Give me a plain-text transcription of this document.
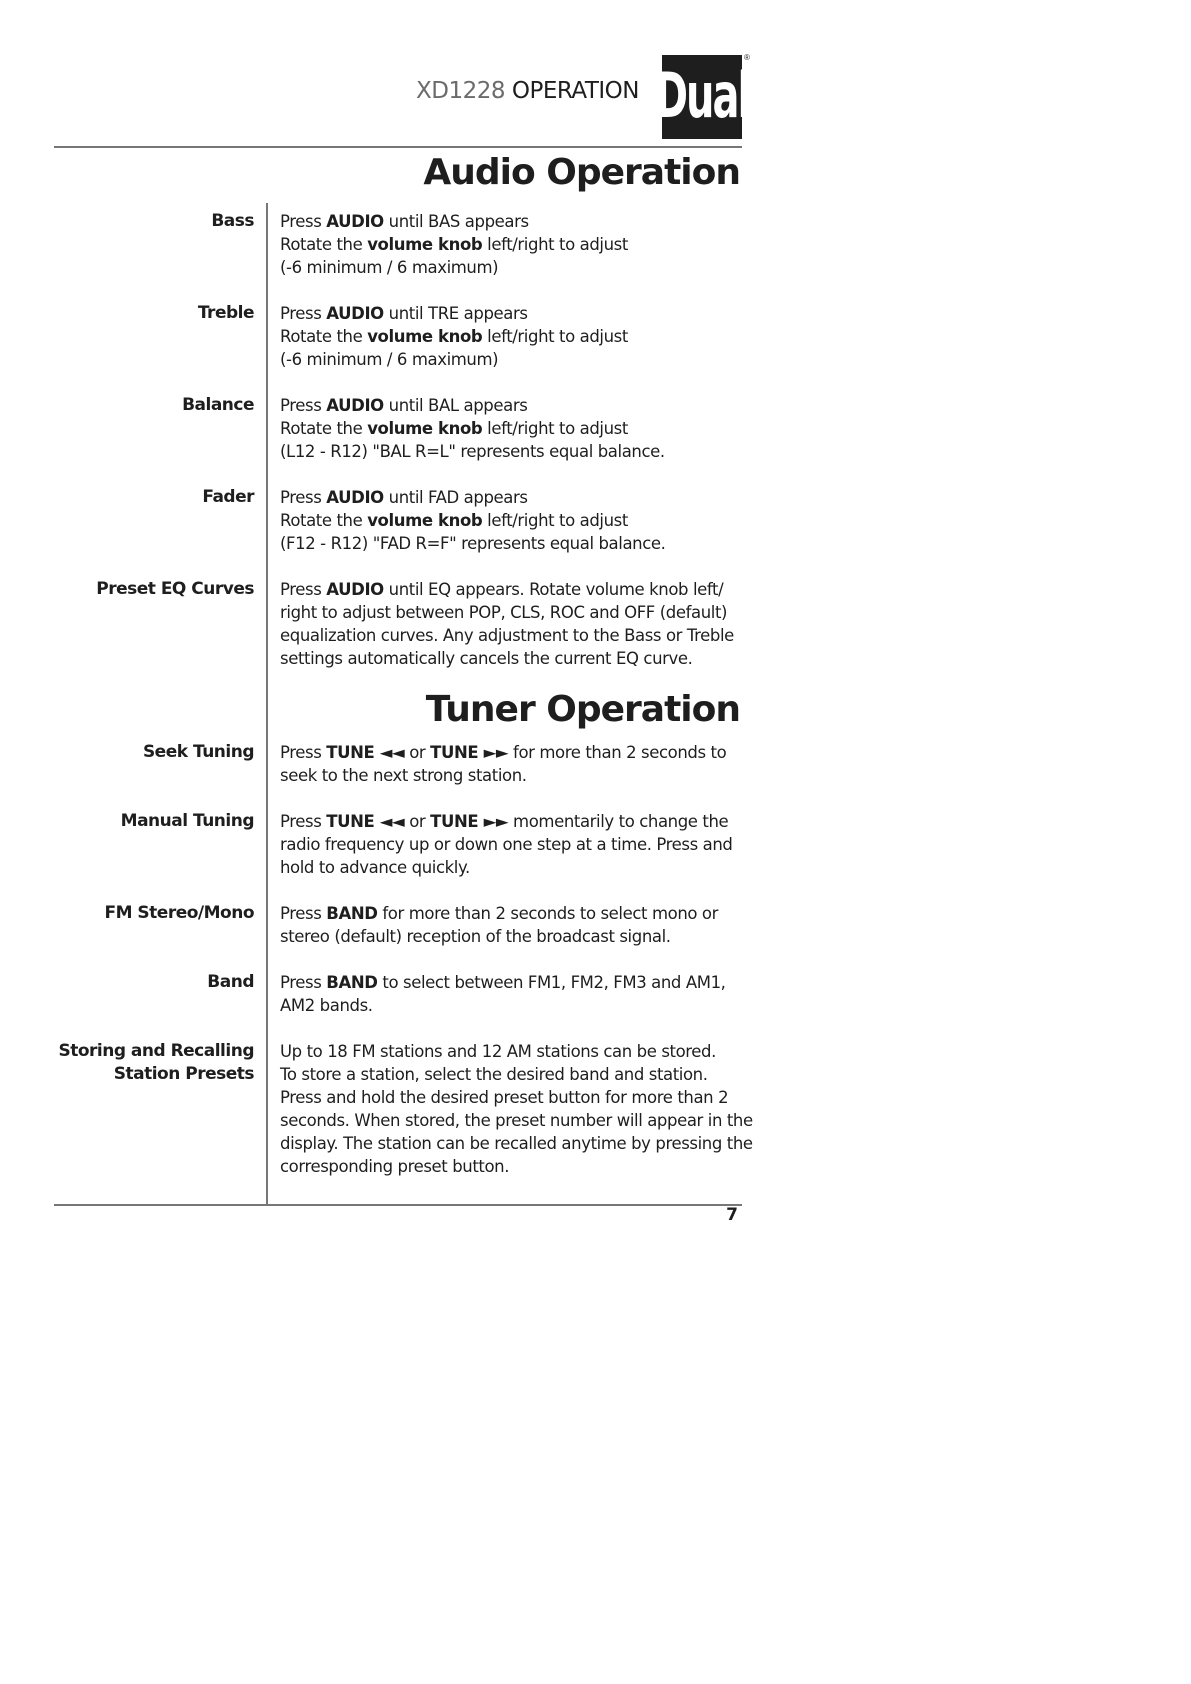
XD1228 OPERATION Dual
®
Audio Operation
Bass Press AUDIO until BAS appears
Rotate the volume knob left/right to adjust
(-6 minimum / 6 maximum)
Treble Press AUDIO until TRE appears
Rotate the volume knob left/right to adjust
(-6 minimum / 6 maximum)
Balance Press AUDIO until BAL appears
Rotate the volume knob left/right to adjust
(L12 - R12) "BAL R=L" represents equal balance.
Fader Press AUDIO until FAD appears
Rotate the volume knob left/right to adjust
(F12 - R12) "FAD R=F" represents equal balance.
Preset EQ Curves Press AUDIO until EQ appears. Rotate volume knob left/
right to adjust between POP, CLS, ROC and OFF (default)
equalization curves. Any adjustment to the Bass or Treble
settings automatically cancels the current EQ curve.
Tuner Operation
Seek Tuning Press TUNE ◄◄ or TUNE ►► for more than 2 seconds to
seek to the next strong station.
Manual Tuning Press TUNE ◄◄ or TUNE ►► momentarily to change the
radio frequency up or down one step at a time. Press and
hold to advance quickly.
FM Stereo/Mono Press BAND for more than 2 seconds to select mono or
stereo (default) reception of the broadcast signal.
Band Press BAND to select between FM1, FM2, FM3 and AM1,
AM2 bands.
Storing and Recalling
Station Presets
Up to 18 FM stations and 12 AM stations can be stored.
To store a station, select the desired band and station.
Press and hold the desired preset button for more than 2
seconds. When stored, the preset number will appear in the
display. The station can be recalled anytime by pressing the
corresponding preset button.
7
